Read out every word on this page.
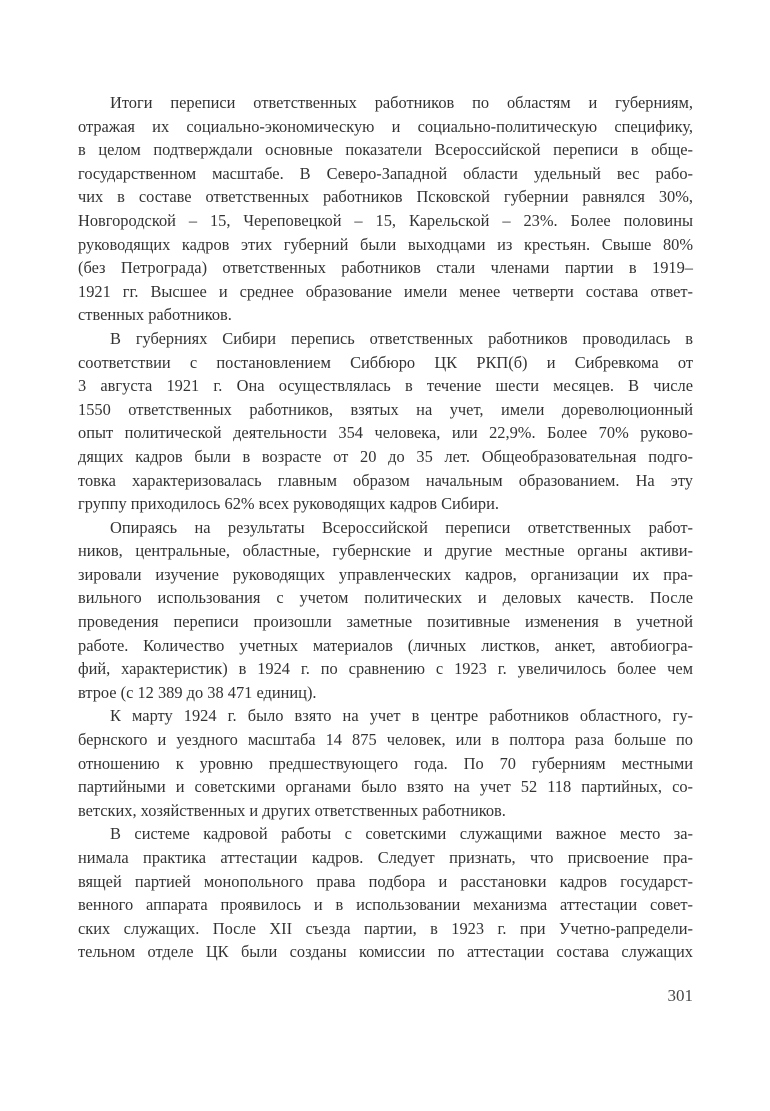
Итоги переписи ответственных работников по областям и губерниям,
отражая их социально-экономическую и социально-политическую специфику,
в целом подтверждали основные показатели Всероссийской переписи в обще-
государственном масштабе. В Северо-Западной области удельный вес рабо-
чих в составе ответственных работников Псковской губернии равнялся 30%,
Новгородской – 15, Череповецкой – 15, Карельской – 23%. Более половины
руководящих кадров этих губерний были выходцами из крестьян. Свыше 80%
(без Петрограда) ответственных работников стали членами партии в 1919–
1921 гг. Высшее и среднее образование имели менее четверти состава ответ-
ственных работников.
В губерниях Сибири перепись ответственных работников проводилась в
соответствии с постановлением Сиббюро ЦК РКП(б) и Сибревкома от
3 августа 1921 г. Она осуществлялась в течение шести месяцев. В числе
1550 ответственных работников, взятых на учет, имели дореволюционный
опыт политической деятельности 354 человека, или 22,9%. Более 70% руково-
дящих кадров были в возрасте от 20 до 35 лет. Общеобразовательная подго-
товка характеризовалась главным образом начальным образованием. На эту
группу приходилось 62% всех руководящих кадров Сибири.
Опираясь на результаты Всероссийской переписи ответственных работ-
ников, центральные, областные, губернские и другие местные органы активи-
зировали изучение руководящих управленческих кадров, организации их пра-
вильного использования с учетом политических и деловых качеств. После
проведения переписи произошли заметные позитивные изменения в учетной
работе. Количество учетных материалов (личных листков, анкет, автобиогра-
фий, характеристик) в 1924 г. по сравнению с 1923 г. увеличилось более чем
втрое (с 12 389 до 38 471 единиц).
К марту 1924 г. было взято на учет в центре работников областного, гу-
бернского и уездного масштаба 14 875 человек, или в полтора раза больше по
отношению к уровню предшествующего года. По 70 губерниям местными
партийными и советскими органами было взято на учет 52 118 партийных, со-
ветских, хозяйственных и других ответственных работников.
В системе кадровой работы с советскими служащими важное место за-
нимала практика аттестации кадров. Следует признать, что присвоение пра-
вящей партией монопольного права подбора и расстановки кадров государст-
венного аппарата проявилось и в использовании механизма аттестации совет-
ских служащих. После XII съезда партии, в 1923 г. при Учетно-рапредели-
тельном отделе ЦК были созданы комиссии по аттестации состава служащих
301
